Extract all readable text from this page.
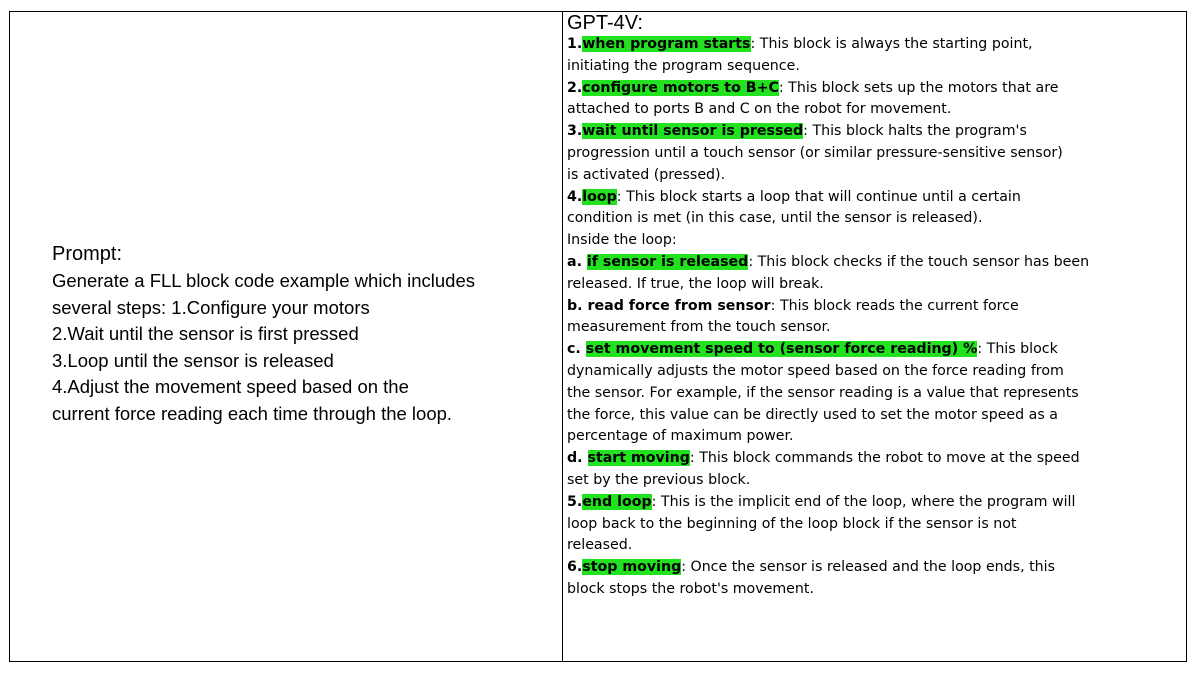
Prompt:
Generate a FLL block code example which includes
several steps: 1.Configure your motors
2.Wait until the sensor is first pressed
3.Loop until the sensor is released
4.Adjust the movement speed based on the
current force reading each time through the loop.
GPT-4V:
1.when program starts: This block is always the starting point,
initiating the program sequence.
2.configure motors to B+C: This block sets up the motors that are
attached to ports B and C on the robot for movement.
3.wait until sensor is pressed: This block halts the program's
progression until a touch sensor (or similar pressure-sensitive sensor)
is activated (pressed).
4.loop: This block starts a loop that will continue until a certain
condition is met (in this case, until the sensor is released).
Inside the loop:
a. if sensor is released: This block checks if the touch sensor has been
released. If true, the loop will break.
b. read force from sensor: This block reads the current force
measurement from the touch sensor.
c. set movement speed to (sensor force reading) %: This block
dynamically adjusts the motor speed based on the force reading from
the sensor. For example, if the sensor reading is a value that represents
the force, this value can be directly used to set the motor speed as a
percentage of maximum power.
d. start moving: This block commands the robot to move at the speed
set by the previous block.
5.end loop: This is the implicit end of the loop, where the program will
loop back to the beginning of the loop block if the sensor is not
released.
6.stop moving: Once the sensor is released and the loop ends, this
block stops the robot's movement.
